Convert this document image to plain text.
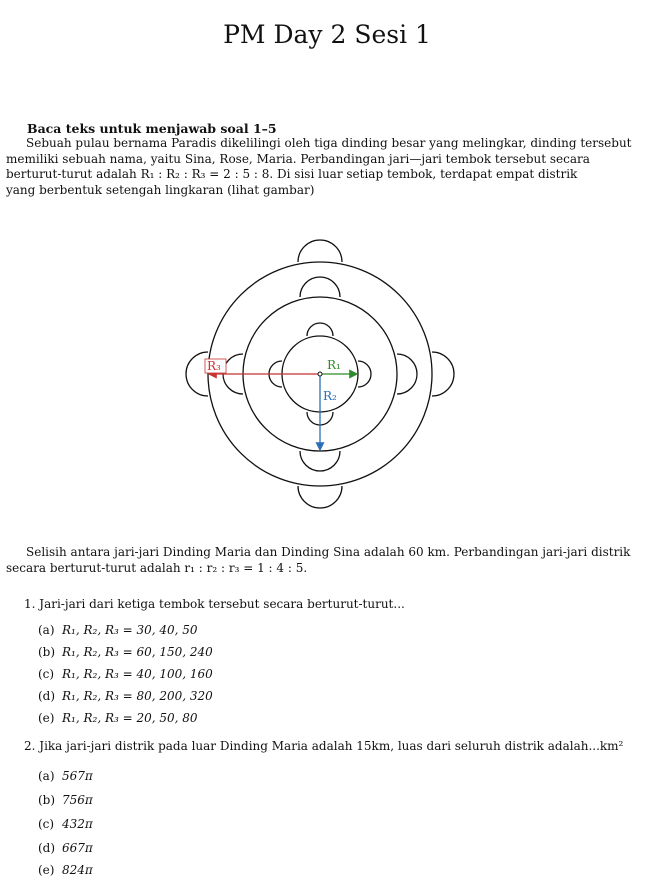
PM Day 2 Sesi 1
Baca teks untuk menjawab soal 1–5
Sebuah pulau bernama Paradis dikelilingi oleh tiga dinding besar yang melingkar, dinding tersebut
memiliki sebuah nama, yaitu Sina, Rose, Maria. Perbandingan jari—jari tembok tersebut secara
berturut-turut adalah R₁ : R₂ : R₃ = 2 : 5 : 8. Di sisi luar setiap tembok, terdapat empat distrik
yang berbentuk setengah lingkaran (lihat gambar)
R₁
R₂
R₃
Selisih antara jari-jari Dinding Maria dan Dinding Sina adalah 60 km. Perbandingan jari-jari distrik
secara berturut-turut adalah r₁ : r₂ : r₃ = 1 : 4 : 5.
1. Jari-jari dari ketiga tembok tersebut secara berturut-turut...
(a) R₁, R₂, R₃ = 30, 40, 50
(b) R₁, R₂, R₃ = 60, 150, 240
(c) R₁, R₂, R₃ = 40, 100, 160
(d) R₁, R₂, R₃ = 80, 200, 320
(e) R₁, R₂, R₃ = 20, 50, 80
2. Jika jari-jari distrik pada luar Dinding Maria adalah 15km, luas dari seluruh distrik adalah...km²
(a) 567π
(b) 756π
(c) 432π
(d) 667π
(e) 824π
